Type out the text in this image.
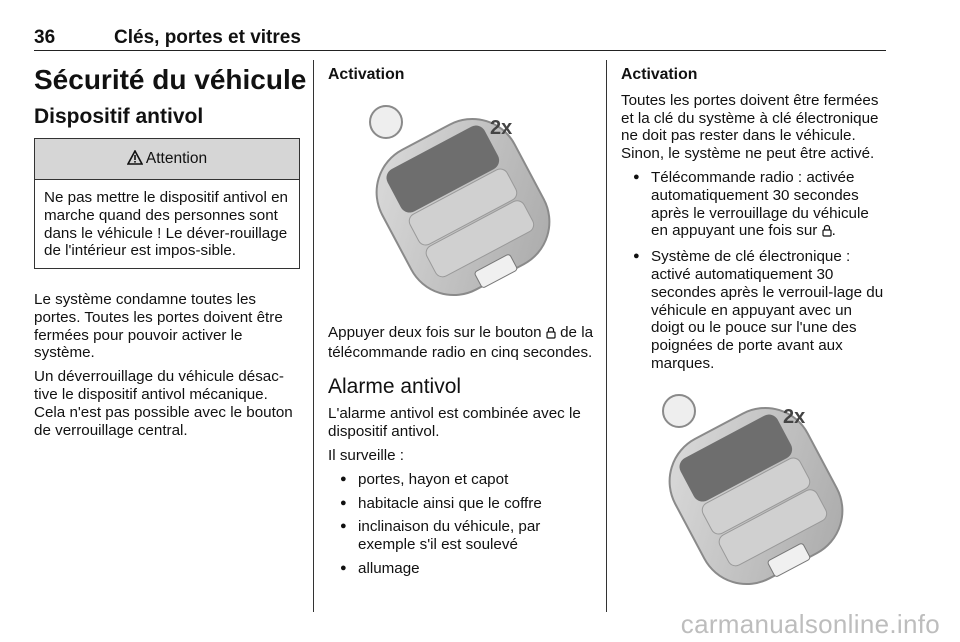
36	Clés, portes et vitres
Sécurité du véhicule
Dispositif antivol
Attention
Ne pas mettre le dispositif antivol en marche quand des personnes sont dans le véhicule ! Le déver-rouillage de l'intérieur est impos-sible.

Le système condamne toutes les portes. Toutes les portes doivent être fermées pour pouvoir activer le système.

Un déverrouillage du véhicule désac-tive le dispositif antivol mécanique. Cela n'est pas possible avec le bouton de verrouillage central.

Activation
2x

Appuyer deux fois sur le bouton de la télécommande radio en cinq secondes.

Alarme antivol

L'alarme antivol est combinée avec le dispositif antivol.

Il surveille :

● portes, hayon et capot
● habitacle ainsi que le coffre
● inclinaison du véhicule, par exemple s'il est soulevé
● allumage
Activation

Toutes les portes doivent être fermées et la clé du système à clé électronique ne doit pas rester dans le véhicule. Sinon, le système ne peut être activé.

● Télécommande radio : activée automatiquement 30 secondes après le verrouillage du véhicule en appuyant une fois sur .
● Système de clé électronique : activé automatiquement 30 secondes après le verrouil-lage du véhicule en appuyant avec un doigt ou le pouce sur l'une des poignées de porte avant aux marques.
2x
carmanualsonline.info
